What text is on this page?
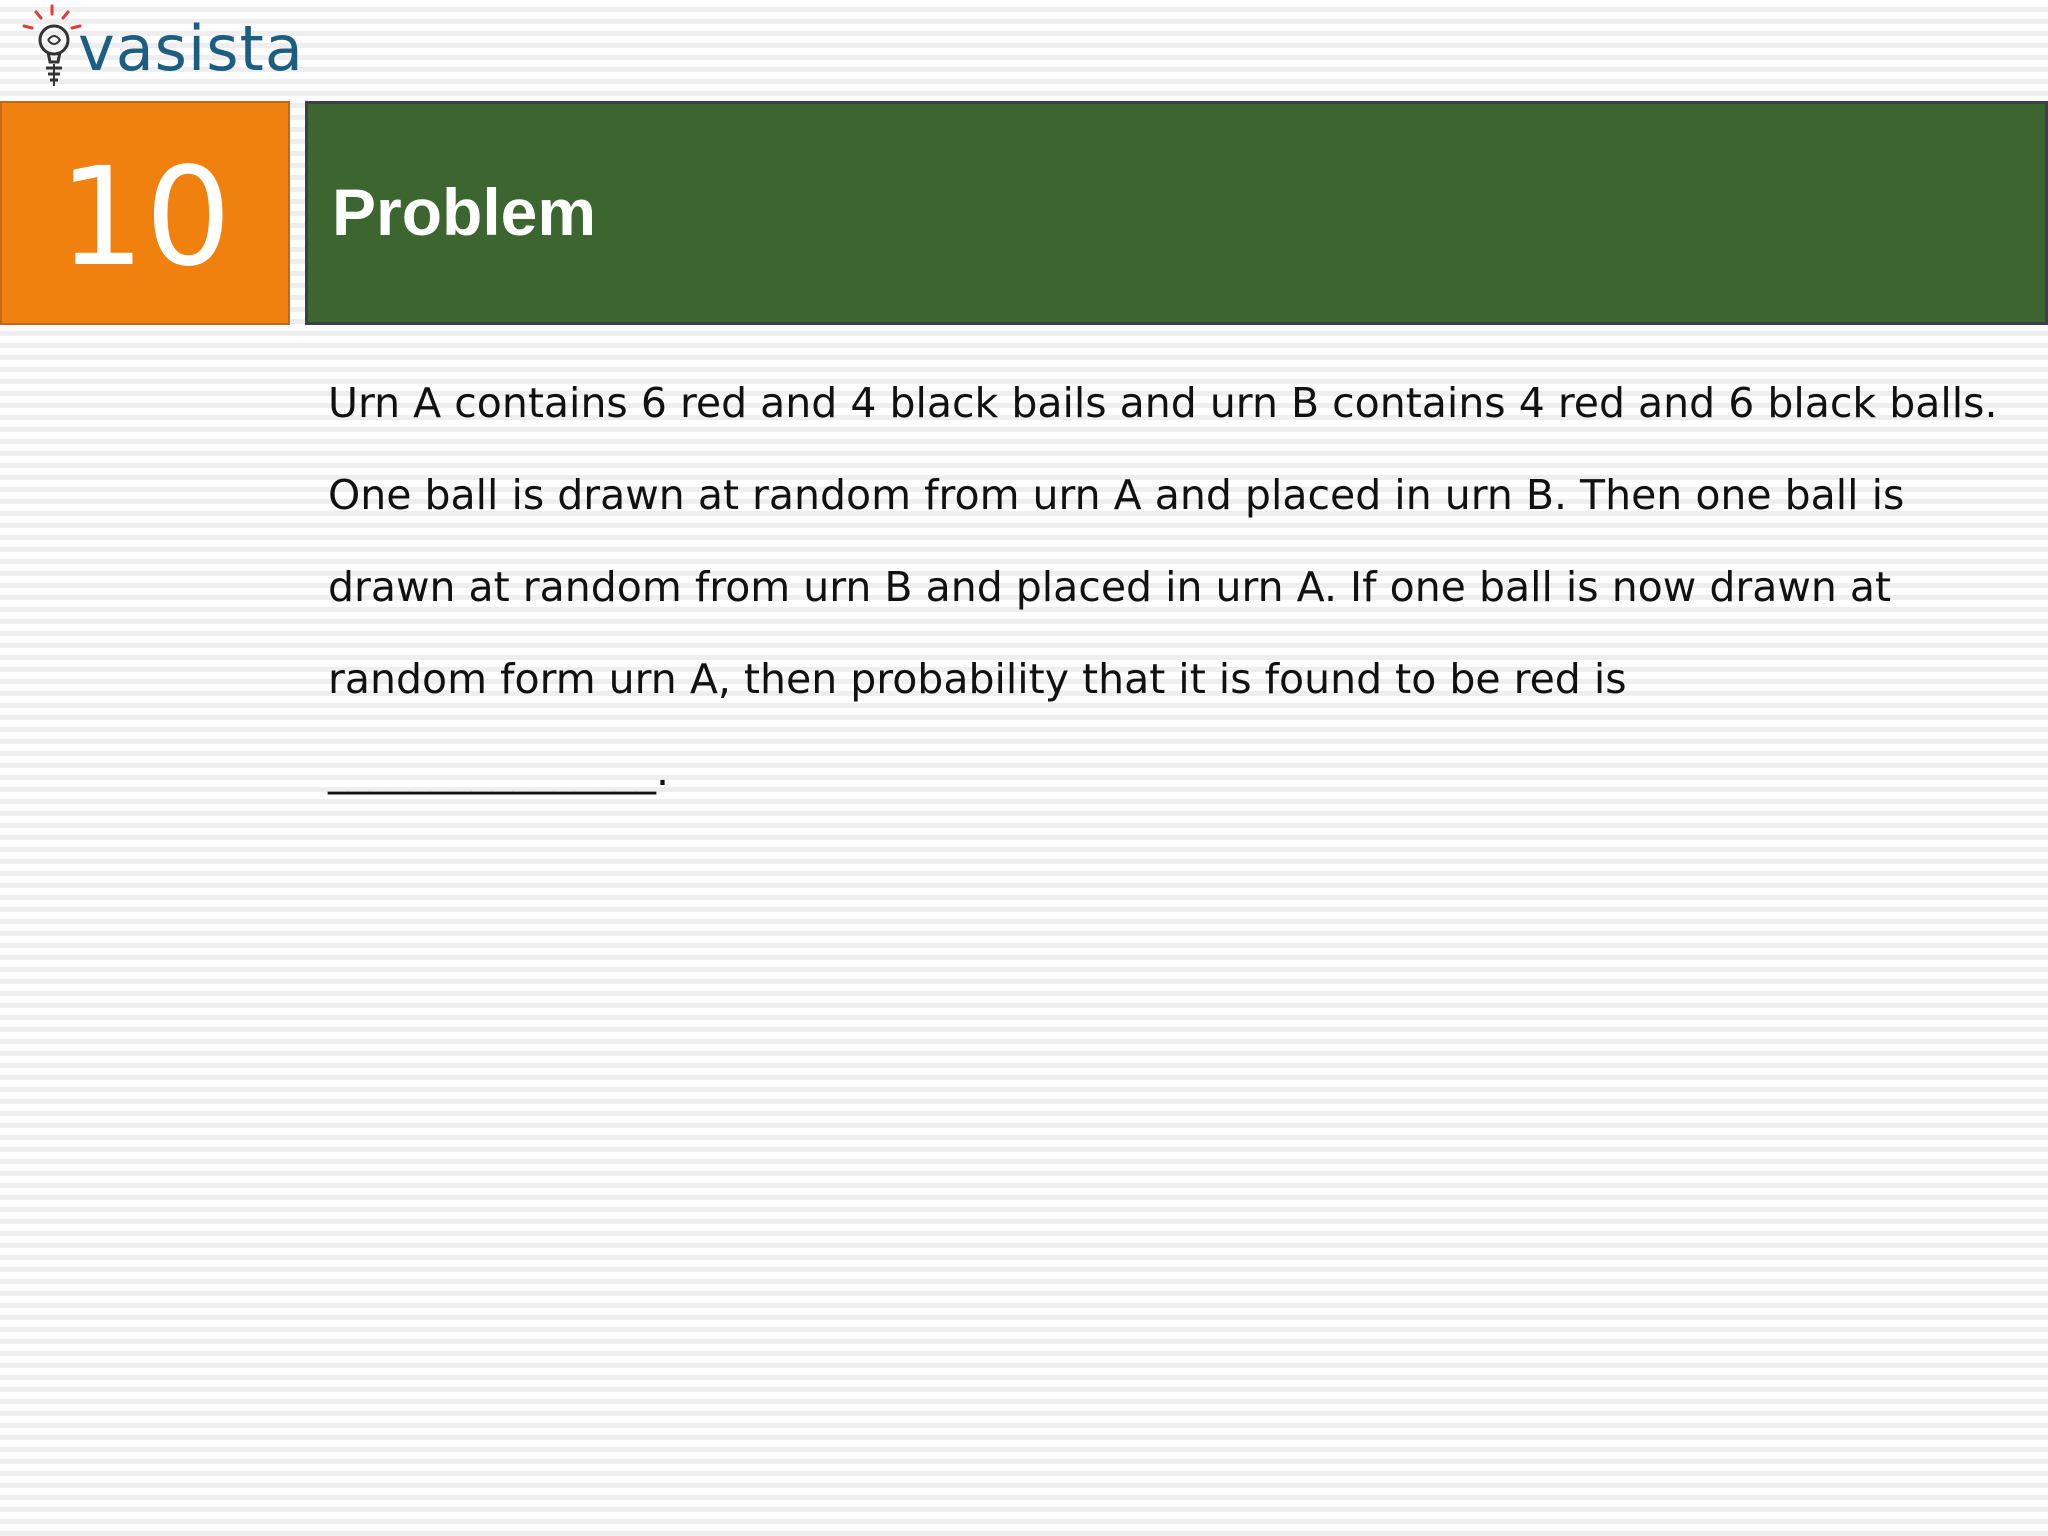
vasista
10 Problem
Urn A contains 6 red and 4 black bails and urn B contains 4 red and 6 black balls.
One ball is drawn at random from urn A and placed in urn B. Then one ball is
drawn at random from urn B and placed in urn A. If one ball is now drawn at
random form urn A, then probability that it is found to be red is
________________.
